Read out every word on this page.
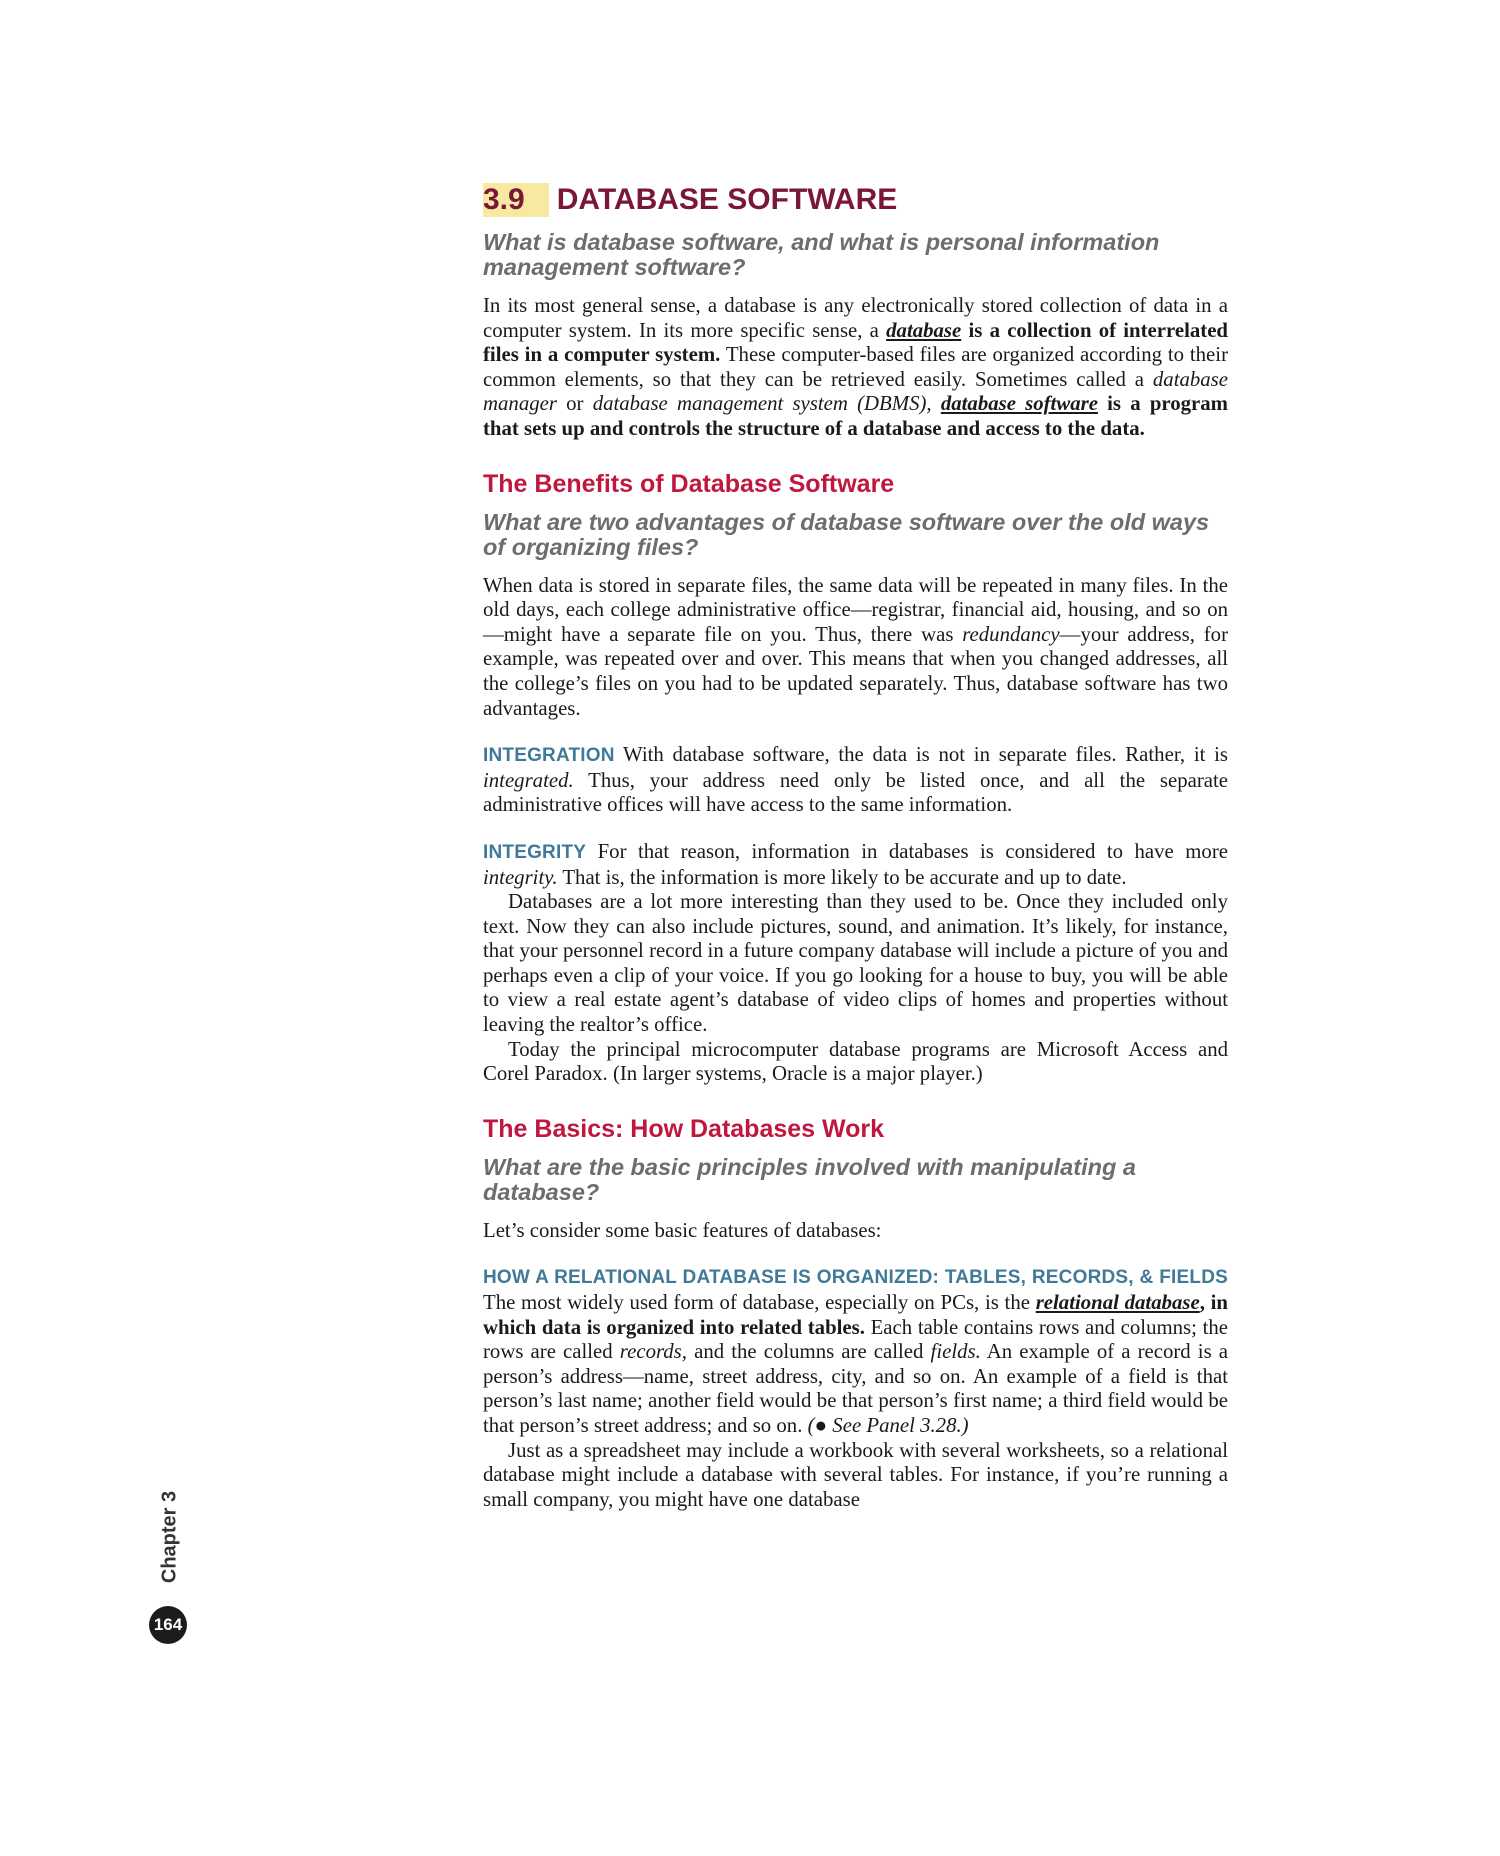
3.9	DATABASE SOFTWARE
What is database software, and what is personal information management software?

In its most general sense, a database is any electronically stored collection of data in a computer system. In its more specific sense, a database is a collection of interrelated files in a computer system. These computer-based files are organized according to their common elements, so that they can be retrieved easily. Sometimes called a database manager or database management system (DBMS), database software is a program that sets up and controls the structure of a database and access to the data.

The Benefits of Database Software
What are two advantages of database software over the old ways of organizing files?

When data is stored in separate files, the same data will be repeated in many files. In the old days, each college administrative office—registrar, financial aid, housing, and so on—might have a separate file on you. Thus, there was redundancy—your address, for example, was repeated over and over. This means that when you changed addresses, all the college’s files on you had to be updated separately. Thus, database software has two advantages.

INTEGRATION With database software, the data is not in separate files. Rather, it is integrated. Thus, your address need only be listed once, and all the separate administrative offices will have access to the same information.

INTEGRITY For that reason, information in databases is considered to have more integrity. That is, the information is more likely to be accurate and up to date.

Databases are a lot more interesting than they used to be. Once they included only text. Now they can also include pictures, sound, and animation. It’s likely, for instance, that your personnel record in a future company database will include a picture of you and perhaps even a clip of your voice. If you go looking for a house to buy, you will be able to view a real estate agent’s database of video clips of homes and properties without leaving the realtor’s office.

Today the principal microcomputer database programs are Microsoft Access and Corel Paradox. (In larger systems, Oracle is a major player.)

The Basics: How Databases Work
What are the basic principles involved with manipulating a database?

Let’s consider some basic features of databases:

HOW A RELATIONAL DATABASE IS ORGANIZED: TABLES, RECORDS, & FIELDS The most widely used form of database, especially on PCs, is the relational database, in which data is organized into related tables. Each table contains rows and columns; the rows are called records, and the columns are called fields. An example of a record is a person’s address—name, street address, city, and so on. An example of a field is that person’s last name; another field would be that person’s first name; a third field would be that person’s street address; and so on. (● See Panel 3.28.)

Just as a spreadsheet may include a workbook with several worksheets, so a relational database might include a database with several tables. For instance, if you’re running a small company, you might have one database

Chapter 3
164
